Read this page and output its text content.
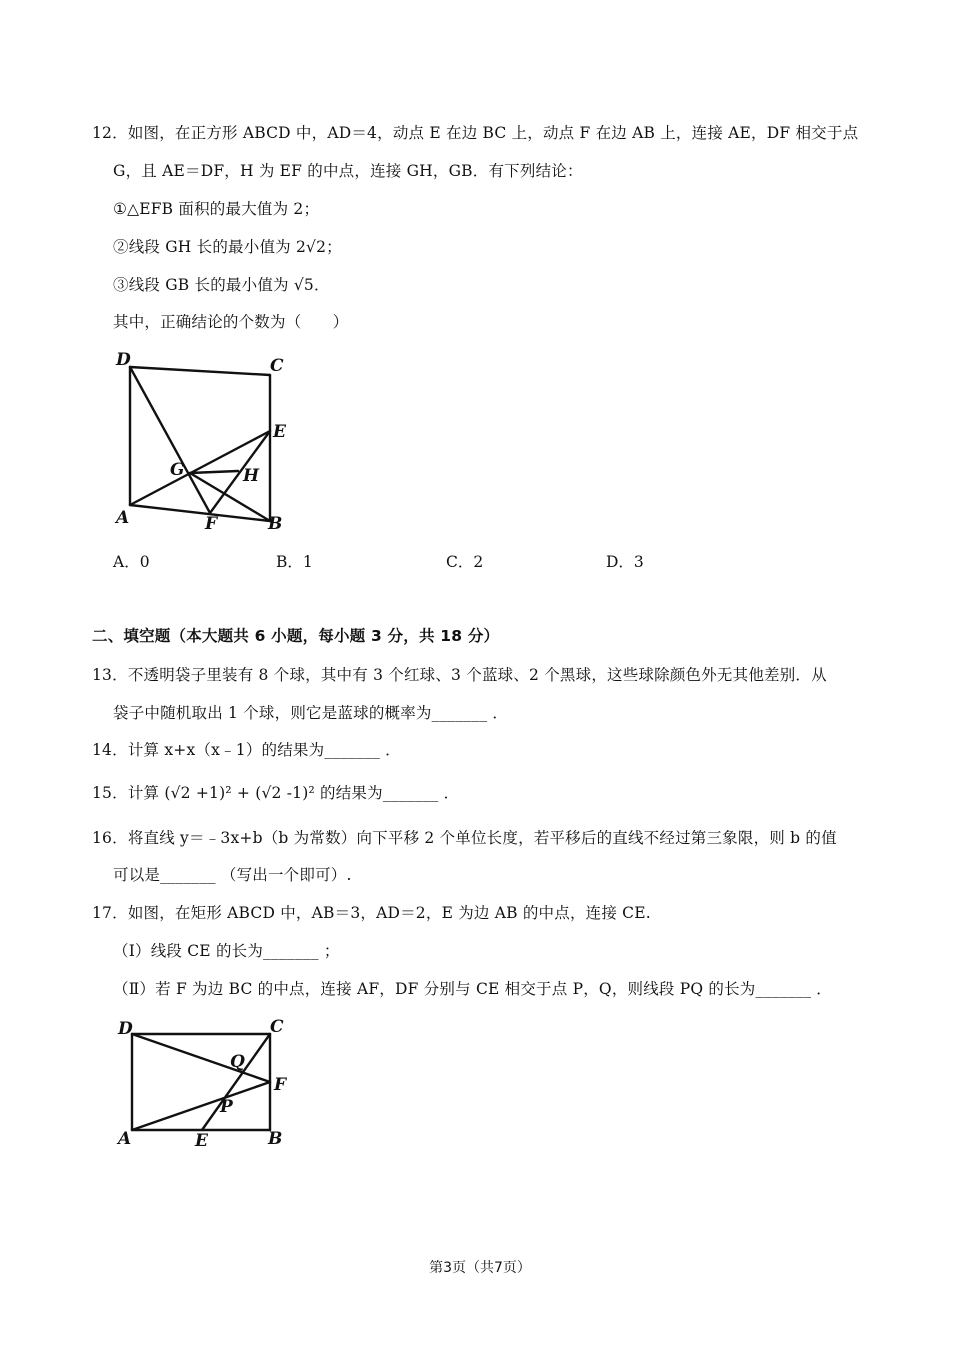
12．如图，在正方形 ABCD 中，AD＝4，动点 E 在边 BC 上，动点 F 在边 AB 上，连接 AE，DF 相交于点
G，且 AE＝DF，H 为 EF 的中点，连接 GH，GB．有下列结论：
①△EFB 面积的最大值为 2；
②线段 GH 长的最小值为 2√2；
③线段 GB 长的最小值为 √5．
其中，正确结论的个数为（　　）
D	C
E
G	H
A	F	B
A．0	B．1	C．2	D．3
二、填空题（本大题共 6 小题，每小题 3 分，共 18 分）
13．不透明袋子里装有 8 个球，其中有 3 个红球、3 个蓝球、2 个黑球，这些球除颜色外无其他差别．从
袋子中随机取出 1 个球，则它是蓝球的概率为_______ ．
14．计算 x+x（x﹣1）的结果为_______ ．
15．计算 (√2 +1)² + (√2 -1)² 的结果为_______ ．
16．将直线 y＝﹣3x+b（b 为常数）向下平移 2 个单位长度，若平移后的直线不经过第三象限，则 b 的值
可以是_______ （写出一个即可）.
17．如图，在矩形 ABCD 中，AB＝3，AD＝2，E 为边 AB 的中点，连接 CE.
（Ⅰ）线段 CE 的长为_______ ；
（Ⅱ）若 F 为边 BC 的中点，连接 AF，DF 分别与 CE 相交于点 P，Q，则线段 PQ 的长为_______ ．
D	C
Q
F
P
A	E	B
第3页（共7页）
